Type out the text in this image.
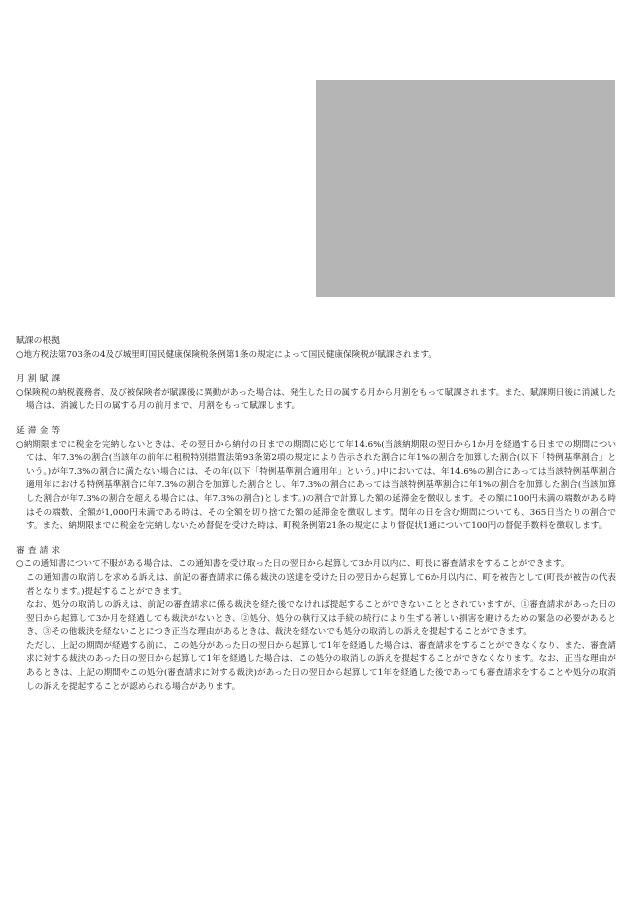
賦課の根拠

○地方税法第703条の4及び城里町国民健康保険税条例第1条の規定によって国民健康保険税が賦課されます。

月割賦課

○保険税の納税義務者、及び被保険者が賦課後に異動があった場合は、発生した日の属する月から月割をもって賦課されます。また、賦課期日後に消滅した場合は、消滅した日の属する月の前月まで、月割をもって賦課します。

延滞金等

○納期限までに税金を完納しないときは、その翌日から納付の日までの期間に応じて年14.6%(当該納期限の翌日から1か月を経過する日までの期間については、年7.3%の割合(当該年の前年に租税特別措置法第93条第2項の規定により告示された割合に年1%の割合を加算した割合(以下「特例基準割合」という。)が年7.3%の割合に満たない場合には、その年(以下「特例基準割合適用年」という。)中においては、年14.6%の割合にあっては当該特例基準割合適用年における特例基準割合に年7.3%の割合を加算した割合とし、年7.3%の割合にあっては当該特例基準割合に年1%の割合を加算した割合(当該加算した割合が年7.3%の割合を超える場合には、年7.3%の割合)とします。)の割合で計算した額の延滞金を徴収します。その額に100円未満の端数がある時はその端数、全額が1,000円未満である時は、その全額を切り捨てた額の延滞金を徴収します。閏年の日を含む期間についても、365日当たりの割合です。また、納期限までに税金を完納しないため督促を受けた時は、町税条例第21条の規定により督促状1通について100円の督促手数料を徴収します。

審査請求

○この通知書について不服がある場合は、この通知書を受け取った日の翌日から起算して3か月以内に、町長に審査請求をすることができます。

この通知書の取消しを求める訴えは、前記の審査請求に係る裁決の送達を受けた日の翌日から起算して6か月以内に、町を被告として(町長が被告の代表者となります。)提起することができます。

なお、処分の取消しの訴えは、前記の審査請求に係る裁決を経た後でなければ提起することができないこととされていますが、①審査請求があった日の翌日から起算して3か月を経過しても裁決がないとき、②処分、処分の執行又は手続の続行により生ずる著しい損害を避けるための緊急の必要があるとき、③その他裁決を経ないことにつき正当な理由があるときは、裁決を経ないでも処分の取消しの訴えを提起することができます。

ただし、上記の期間が経過する前に、この処分があった日の翌日から起算して1年を経過した場合は、審査請求をすることができなくなり、また、審査請求に対する裁決のあった日の翌日から起算して1年を経過した場合は、この処分の取消しの訴えを提起することができなくなります。なお、正当な理由があるときは、上記の期間やこの処分(審査請求に対する裁決)があった日の翌日から起算して1年を経過した後であっても審査請求をすることや処分の取消しの訴えを提起することが認められる場合があります。
